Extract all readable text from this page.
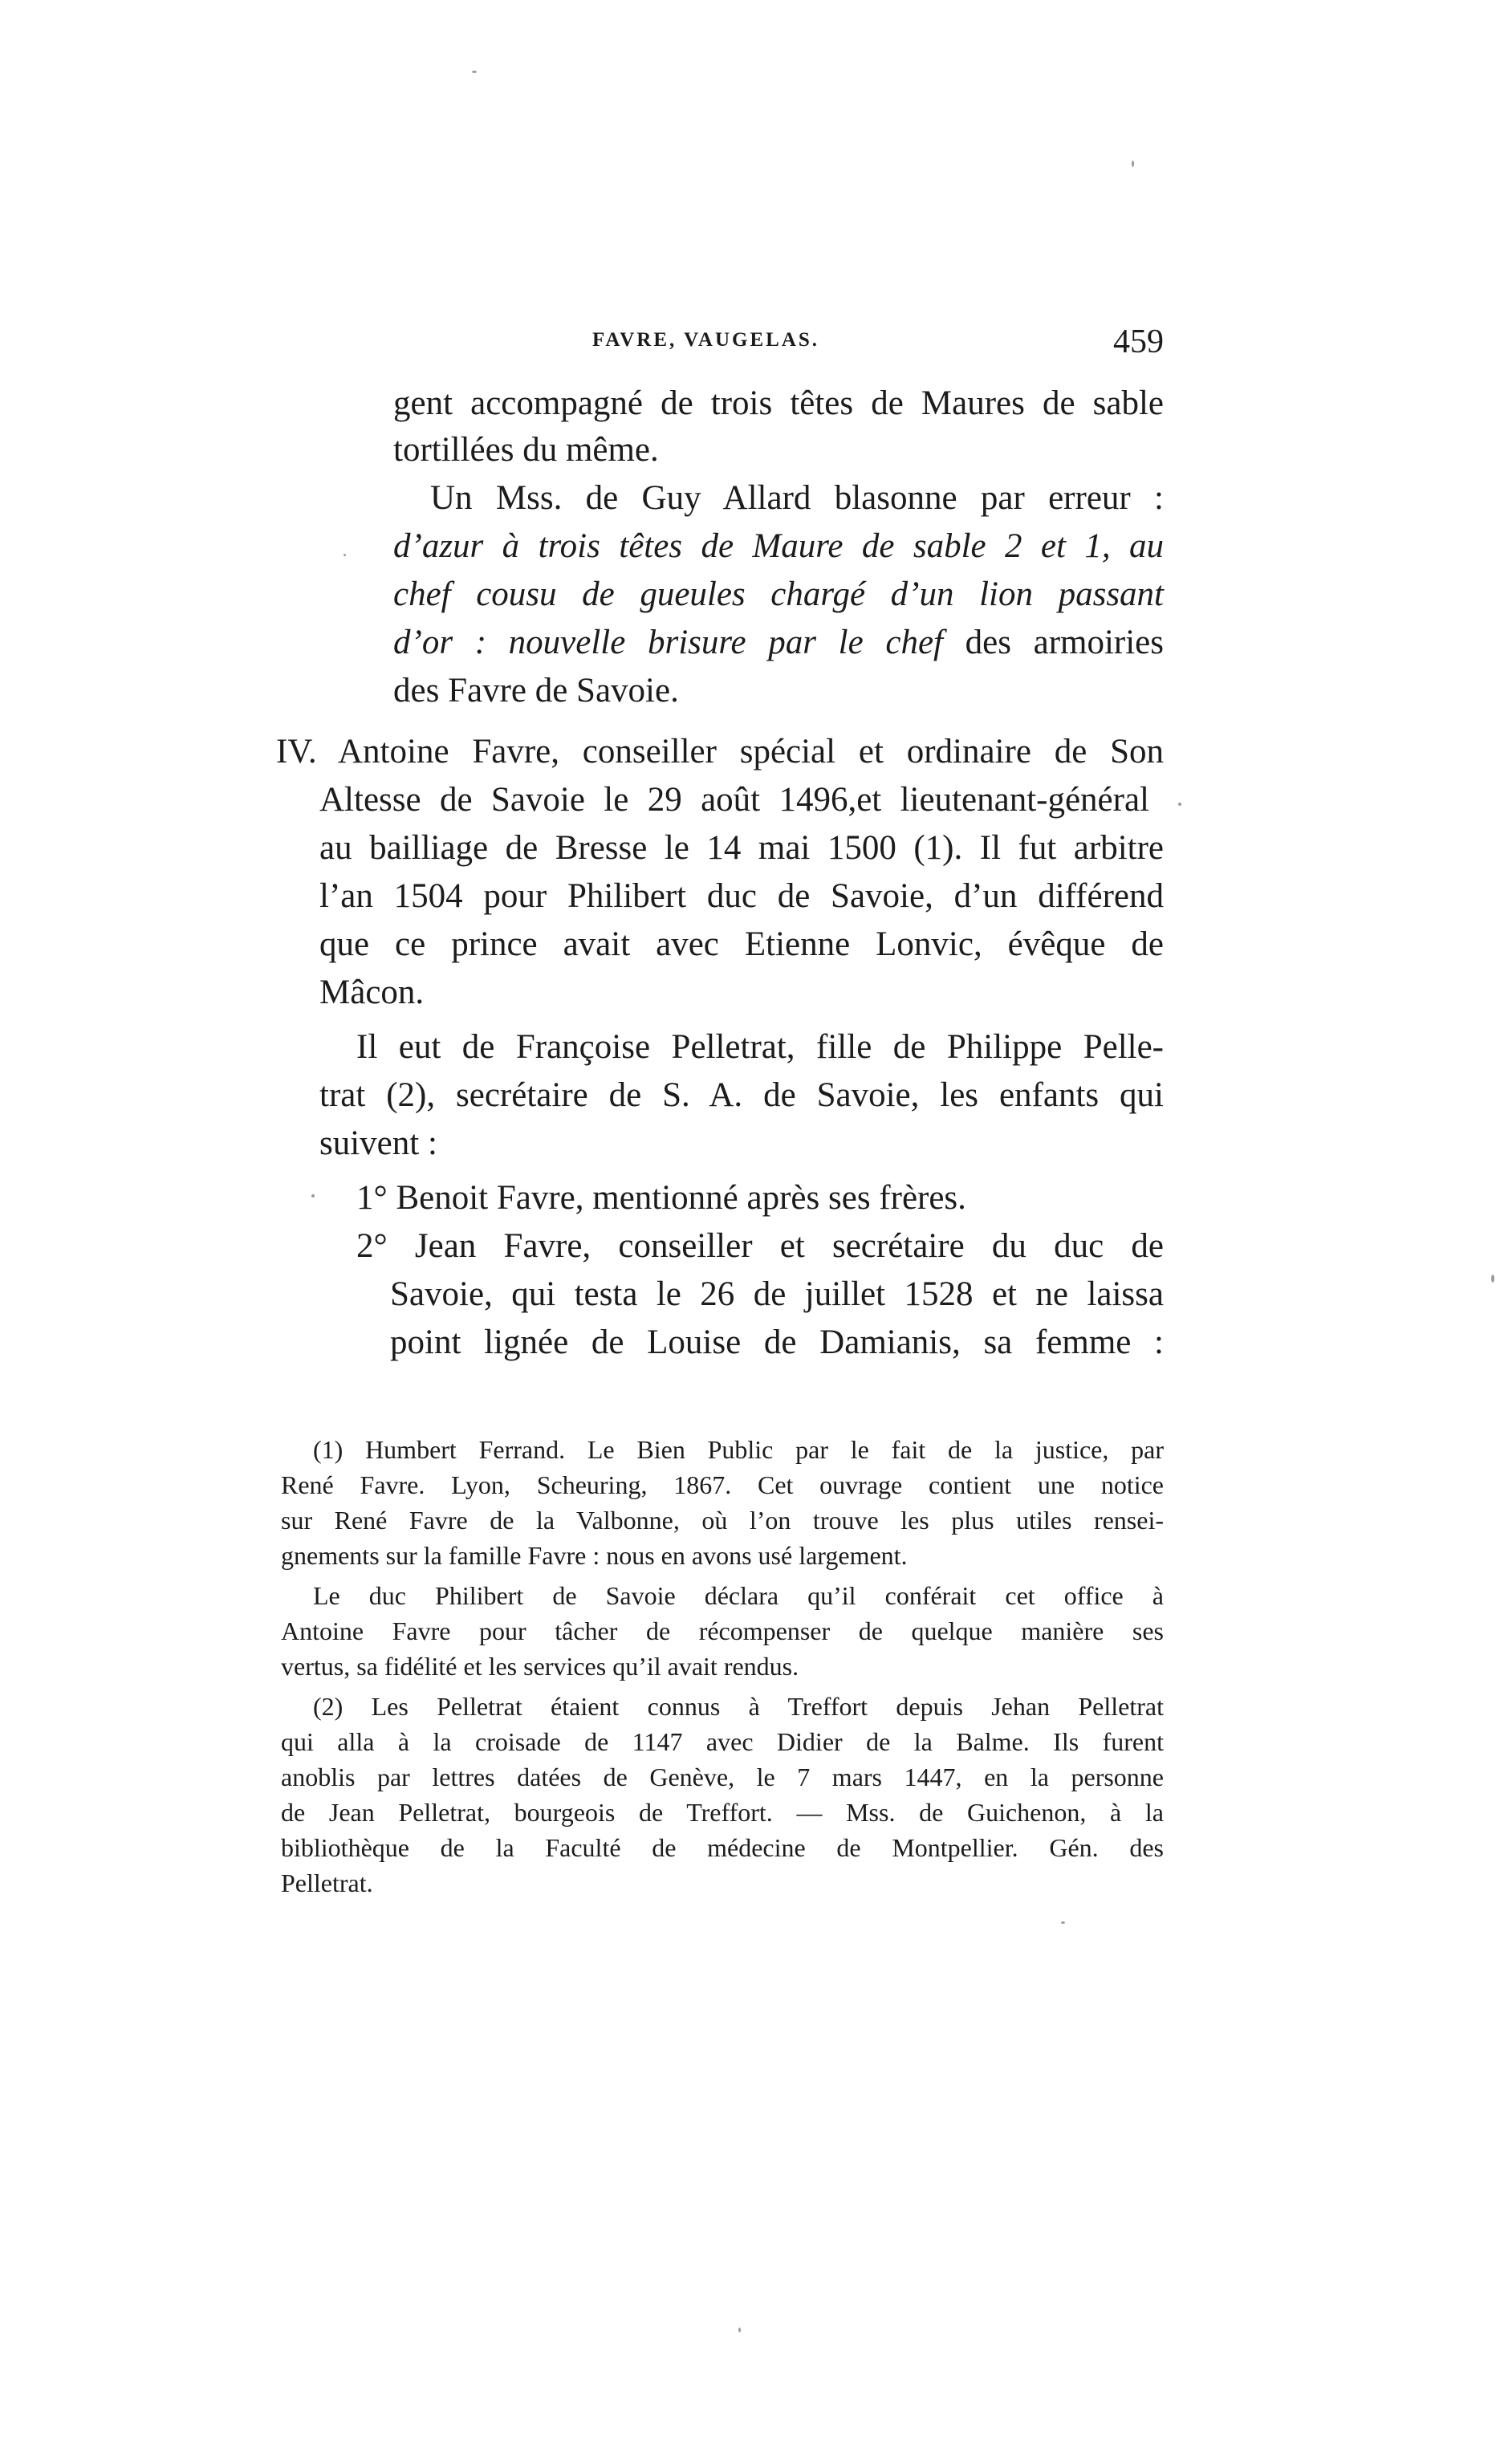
FAVRE, VAUGELAS.	459
gent accompagné de trois têtes de Maures de sable
tortillées du même.
Un Mss. de Guy Allard blasonne par erreur :
d’azur à trois têtes de Maure de sable 2 et 1, au
chef cousu de gueules chargé d’un lion passant
d’or : nouvelle brisure par le chef des armoiries
des Favre de Savoie.
IV. Antoine Favre, conseiller spécial et ordinaire de Son
Altesse de Savoie le 29 août 1496,et lieutenant-général
au bailliage de Bresse le 14 mai 1500 (1). Il fut arbitre
l’an 1504 pour Philibert duc de Savoie, d’un différend
que ce prince avait avec Etienne Lonvic, évêque de
Mâcon.
Il eut de Françoise Pelletrat, fille de Philippe Pelle-
trat (2), secrétaire de S. A. de Savoie, les enfants qui
suivent :
1° Benoit Favre, mentionné après ses frères.
2° Jean Favre, conseiller et secrétaire du duc de
Savoie, qui testa le 26 de juillet 1528 et ne laissa
point lignée de Louise de Damianis, sa femme :
(1) Humbert Ferrand. Le Bien Public par le fait de la justice, par
René Favre. Lyon, Scheuring, 1867. Cet ouvrage contient une notice
sur René Favre de la Valbonne, où l’on trouve les plus utiles rensei-
gnements sur la famille Favre : nous en avons usé largement.
Le duc Philibert de Savoie déclara qu’il conférait cet office à
Antoine Favre pour tâcher de récompenser de quelque manière ses
vertus, sa fidélité et les services qu’il avait rendus.
(2) Les Pelletrat étaient connus à Treffort depuis Jehan Pelletrat
qui alla à la croisade de 1147 avec Didier de la Balme. Ils furent
anoblis par lettres datées de Genève, le 7 mars 1447, en la personne
de Jean Pelletrat, bourgeois de Treffort. — Mss. de Guichenon, à la
bibliothèque de la Faculté de médecine de Montpellier. Gén. des
Pelletrat.
